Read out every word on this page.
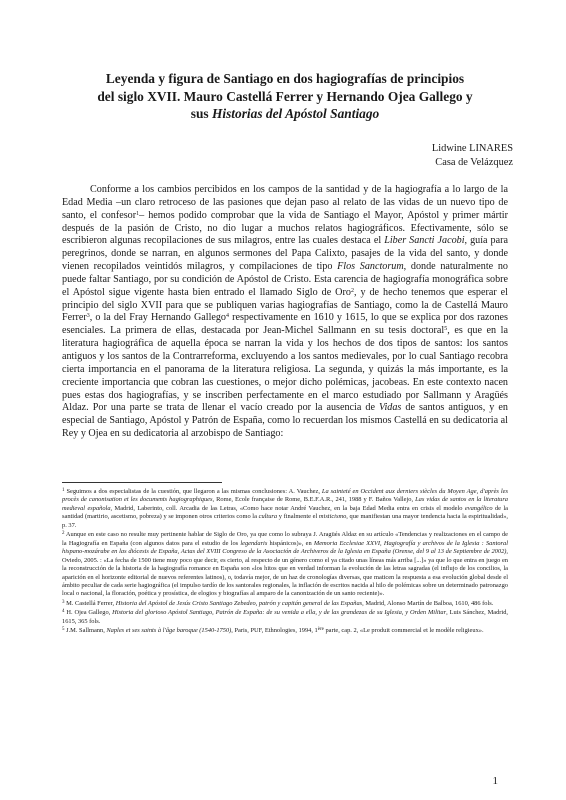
Leyenda y figura de Santiago en dos hagiografías de principios
del siglo XVII. Mauro Castellá Ferrer y Hernando Ojea Gallego y
sus Historias del Apóstol Santiago
Lidwine LINARES
Casa de Velázquez

Conforme a los cambios percibidos en los campos de la santidad y de la hagiografía a lo largo de la Edad Media –un claro retroceso de las pasiones que dejan paso al relato de las vidas de un nuevo tipo de santo, el confesor$^1$– hemos podido comprobar que la vida de Santiago el Mayor, Apóstol y primer mártir después de la pasión de Cristo, no dio lugar a muchos relatos hagiográficos. Efectivamente, sólo se escribieron algunas recopilaciones de sus milagros, entre las cuales destaca el Liber Sancti Jacobi, guía para peregrinos, donde se narran, en algunos sermones del Papa Calixto, pasajes de la vida del santo, y donde vienen recopilados veintidós milagros, y compilaciones de tipo Flos Sanctorum, donde naturalmente no puede faltar Santiago, por su condición de Apóstol de Cristo. Esta carencia de hagiografía monográfica sobre el Apóstol sigue vigente hasta bien entrado el llamado Siglo de Oro$^2$, y de hecho tenemos que esperar el principio del siglo XVII para que se publiquen varias hagiografías de Santiago, como la de Castellá Mauro Ferrer$^3$, o la del Fray Hernando Gallego$^4$ respectivamente en 1610 y 1615, lo que se explica por dos razones esenciales. La primera de ellas, destacada por Jean-Michel Sallmann en su tesis doctoral$^5$, es que en la literatura hagiográfica de aquella época se narran la vida y los hechos de dos tipos de santos: los santos antiguos y los santos de la Contrarreforma, excluyendo a los santos medievales, por lo cual Santiago recobra cierta importancia en el panorama de la literatura religiosa. La segunda, y quizás la más importante, es la creciente importancia que cobran las cuestiones, o mejor dicho polémicas, jacobeas. En este contexto nacen pues estas dos hagiografías, y se inscriben perfectamente en el marco estudiado por Sallmann y Aragüés Aldaz. Por una parte se trata de llenar el vacío creado por la ausencia de Vidas de santos antiguos, y en especial de Santiago, Apóstol y Patrón de España, como lo recuerdan los mismos Castellá en su dedicatoria al Rey y Ojea en su dedicatoria al arzobispo de Santiago:

$^1$ Seguimos a dos especialistas de la cuestión, que llegaron a las mismas conclusiones: A. Vauchez, La sainteté en Occident aux derniers siècles du Moyen Age, d'après les procès de canonisation et les documents hagiographiques, Rome, Ecole française de Rome, B.E.F.A.R., 241, 1988 y F. Baños Vallejo, Las vidas de santos en la literatura medieval española, Madrid, Laberinto, coll. Arcadia de las Letras, «Como hace notar André Vauchez, en la baja Edad Media entra en crisis el modelo evangélico de la santidad (martirio, ascetismo, pobreza) y se imponen otros criterios como la cultura y finalmente el misticismo, que manifiestan una mayor tendencia hacia la espiritualidad», p. 37.

$^2$ Aunque en este caso no resulte muy pertinente hablar de Siglo de Oro, ya que como lo subraya J. Aragüés Aldaz en su artículo «Tendencias y realizaciones en el campo de la Hagiografía en España (con algunos datos para el estudio de los legendaris hispánicos)», en Memoria Ecclesiae XXVI, Hagiografía y archivos de la Iglesia : Santoral hispano-mozárabe en las diócesis de España, Actas del XVIII Congreso de la Asociación de Archiveros de la Iglesia en España (Orense, del 9 al 13 de Septiembre de 2002), Oviedo, 2005. : «La fecha de 1500 tiene muy poco que decir, es cierto, al respecto de un género como el ya citado unas líneas más arriba [...]» ya que lo que entra en juego en la reconstrucción de la historia de la hagiografía romance en España son «los hitos que en verdad informan la evolución de las letras sagradas (el influjo de los concilios, la aparición en el horizonte editorial de nuevos referentes latinos), o, todavía mejor, de un haz de cronologías diversas, que maticen la respuesta a esa evolución global desde el ámbito peculiar de cada serie hagiográfica (el impulso tardío de los santorales regionales, la inflación de escritos nacida al hilo de polémicas sobre un determinado patronazgo local o nacional, la floración, poética y prosística, de elogios y biografías al amparo de la canonización de un santo reciente)».

$^3$ M. Castellá Ferrer, Historia del Apóstol de Jesús Cristo Santiago Zebedeo, patrón y capitán general de las Españas, Madrid, Alonso Martín de Balboa, 1610, 486 fols.

$^4$ H. Ojea Gallego, Historia del glorioso Apóstol Santiago, Patrón de España: de su venida a ella, y de las grandezas de su Iglesia, y Orden Militar, Luis Sánchez, Madrid, 1615, 365 fols.

$^5$ J.M. Sallmann, Naples et ses saints à l'âge baroque (1540-1750), Paris, PUF, Ethnologies, 1994, 1ère parte, cap. 2, «Le produit commercial et le modèle religieux».

1
